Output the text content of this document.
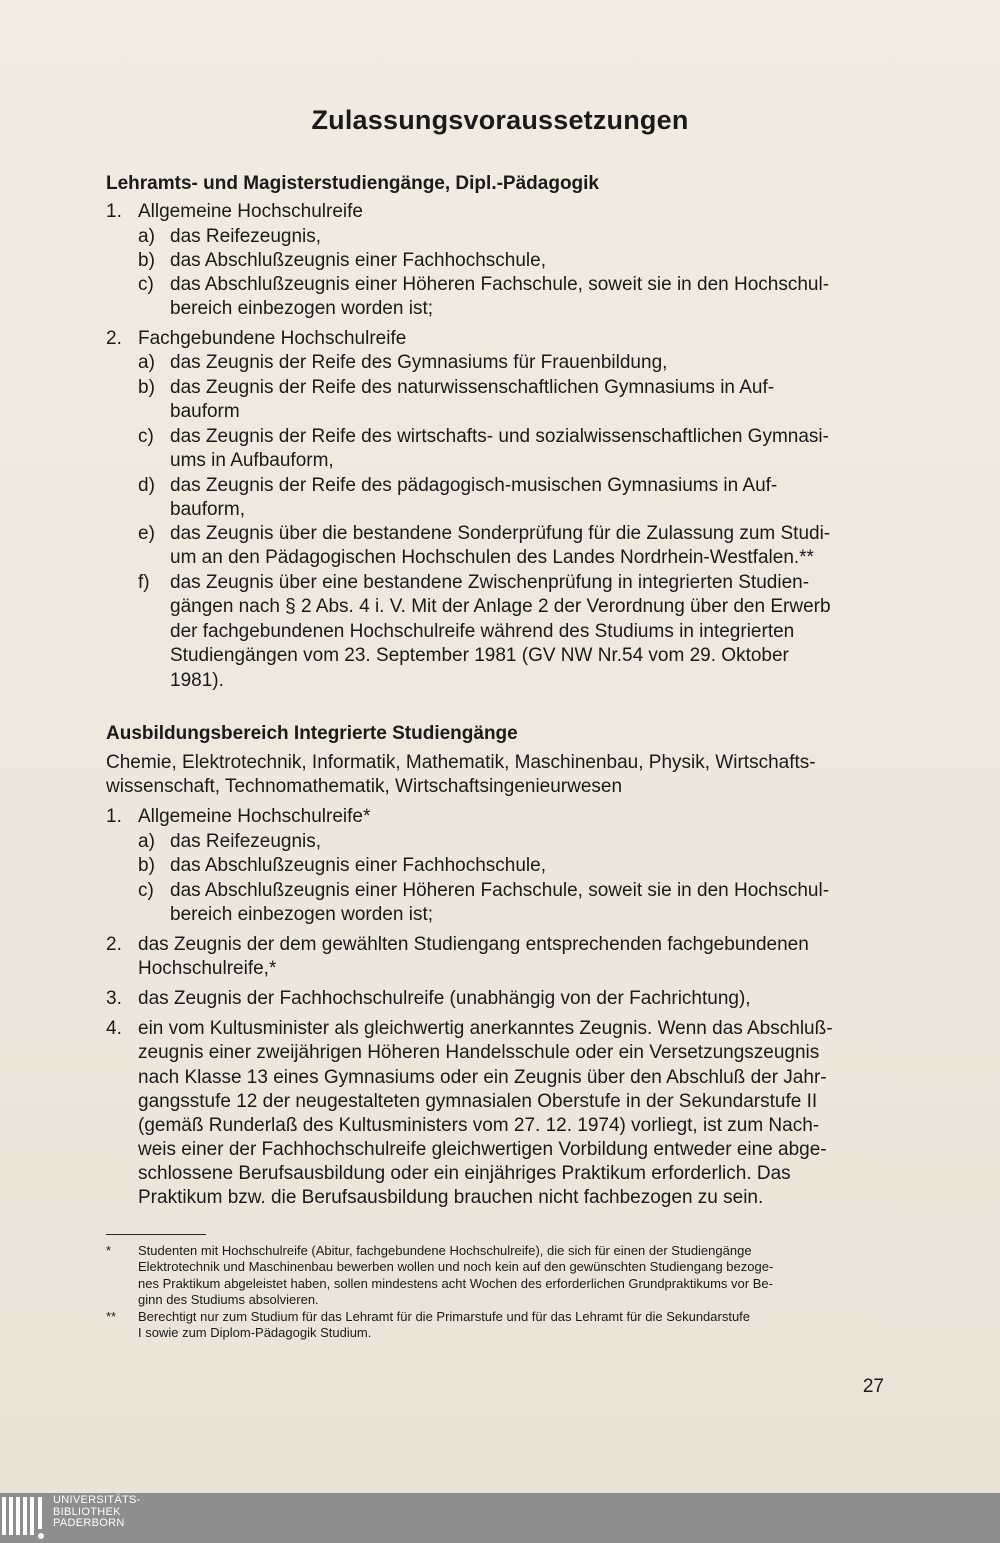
Zulassungsvoraussetzungen

Lehramts- und Magisterstudiengänge, Dipl.-Pädagogik

1. Allgemeine Hochschulreife
a) das Reifezeugnis,
b) das Abschlußzeugnis einer Fachhochschule,
c) das Abschlußzeugnis einer Höheren Fachschule, soweit sie in den Hochschul-
bereich einbezogen worden ist;
2. Fachgebundene Hochschulreife
a) das Zeugnis der Reife des Gymnasiums für Frauenbildung,
b) das Zeugnis der Reife des naturwissenschaftlichen Gymnasiums in Auf-
bauform
c) das Zeugnis der Reife des wirtschafts- und sozialwissenschaftlichen Gymnasi-
ums in Aufbauform,
d) das Zeugnis der Reife des pädagogisch-musischen Gymnasiums in Auf-
bauform,
e) das Zeugnis über die bestandene Sonderprüfung für die Zulassung zum Studi-
um an den Pädagogischen Hochschulen des Landes Nordrhein-Westfalen.**
f) das Zeugnis über eine bestandene Zwischenprüfung in integrierten Studien-
gängen nach § 2 Abs. 4 i. V. Mit der Anlage 2 der Verordnung über den Erwerb
der fachgebundenen Hochschulreife während des Studiums in integrierten
Studiengängen vom 23. September 1981 (GV NW Nr.54 vom 29. Oktober
1981).

Ausbildungsbereich Integrierte Studiengänge

Chemie, Elektrotechnik, Informatik, Mathematik, Maschinenbau, Physik, Wirtschafts-
wissenschaft, Technomathematik, Wirtschaftsingenieurwesen
1. Allgemeine Hochschulreife*
a) das Reifezeugnis,
b) das Abschlußzeugnis einer Fachhochschule,
c) das Abschlußzeugnis einer Höheren Fachschule, soweit sie in den Hochschul-
bereich einbezogen worden ist;
2. das Zeugnis der dem gewählten Studiengang entsprechenden fachgebundenen
Hochschulreife,*
3. das Zeugnis der Fachhochschulreife (unabhängig von der Fachrichtung),
4. ein vom Kultusminister als gleichwertig anerkanntes Zeugnis. Wenn das Abschluß-
zeugnis einer zweijährigen Höheren Handelsschule oder ein Versetzungszeugnis
nach Klasse 13 eines Gymnasiums oder ein Zeugnis über den Abschluß der Jahr-
gangsstufe 12 der neugestalteten gymnasialen Oberstufe in der Sekundarstufe II
(gemäß Runderlaß des Kultusministers vom 27. 12. 1974) vorliegt, ist zum Nach-
weis einer der Fachhochschulreife gleichwertigen Vorbildung entweder eine abge-
schlossene Berufsausbildung oder ein einjähriges Praktikum erforderlich. Das
Praktikum bzw. die Berufsausbildung brauchen nicht fachbezogen zu sein.
* Studenten mit Hochschulreife (Abitur, fachgebundene Hochschulreife), die sich für einen der Studiengänge
Elektrotechnik und Maschinenbau bewerben wollen und noch kein auf den gewünschten Studiengang bezoge-
nes Praktikum abgeleistet haben, sollen mindestens acht Wochen des erforderlichen Grundpraktikums vor Be-
ginn des Studiums absolvieren.
** Berechtigt nur zum Studium für das Lehramt für die Primarstufe und für das Lehramt für die Sekundarstufe
I sowie zum Diplom-Pädagogik Studium.

27

UNIVERSITÄTS-
BIBLIOTHEK
PADERBORN
